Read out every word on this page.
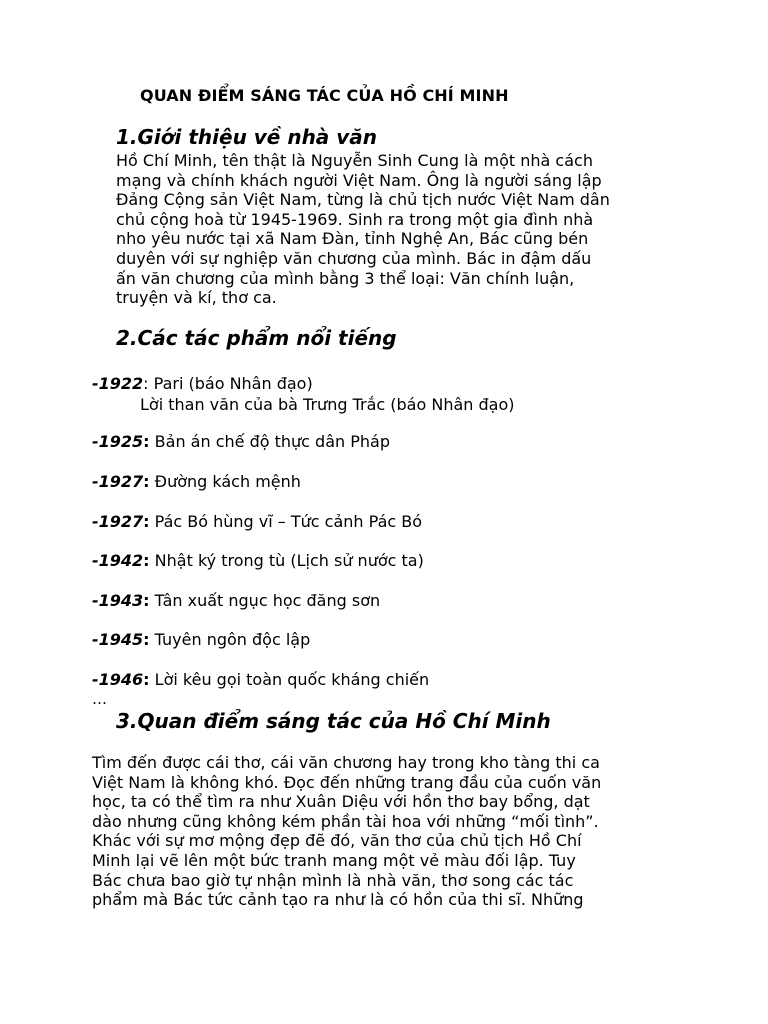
QUAN ĐIỂM SÁNG TÁC CỦA HỒ CHÍ MINH
1.Giới thiệu về nhà văn

Hồ Chí Minh, tên thật là Nguyễn Sinh Cung là một nhà cách

mạng và chính khách người Việt Nam. Ông là người sáng lập

Đảng Cộng sản Việt Nam, từng là chủ tịch nước Việt Nam dân

chủ cộng hoà từ 1945-1969. Sinh ra trong một gia đình nhà

nho yêu nước tại xã Nam Đàn, tỉnh Nghệ An, Bác cũng bén

duyên với sự nghiệp văn chương của mình. Bác in đậm dấu

ấn văn chương của mình bằng 3 thể loại: Văn chính luận,

truyện và kí, thơ ca.

2.Các tác phẩm nổi tiếng
-1922: Pari (báo Nhân đạo)
Lời than văn của bà Trưng Trắc (báo Nhân đạo)
-1925: Bản án chế độ thực dân Pháp
-1927: Đường kách mệnh
-1927: Pác Bó hùng vĩ – Tức cảnh Pác Bó
-1942: Nhật ký trong tù (Lịch sử nước ta)
-1943: Tân xuất ngục học đăng sơn
-1945: Tuyên ngôn độc lập
-1946: Lời kêu gọi toàn quốc kháng chiến
…
3.Quan điểm sáng tác của Hồ Chí Minh

Tìm đến được cái thơ, cái văn chương hay trong kho tàng thi ca

Việt Nam là không khó. Đọc đến những trang đầu của cuốn văn

học, ta có thể tìm ra như Xuân Diệu với hồn thơ bay bổng, dạt

dào nhưng cũng không kém phần tài hoa với những “mối tình”.

Khác với sự mơ mộng đẹp đẽ đó, văn thơ của chủ tịch Hồ Chí

Minh lại vẽ lên một bức tranh mang một vẻ màu đối lập. Tuy

Bác chưa bao giờ tự nhận mình là nhà văn, thơ song các tác

phẩm mà Bác tức cảnh tạo ra như là có hồn của thi sĩ. Những
